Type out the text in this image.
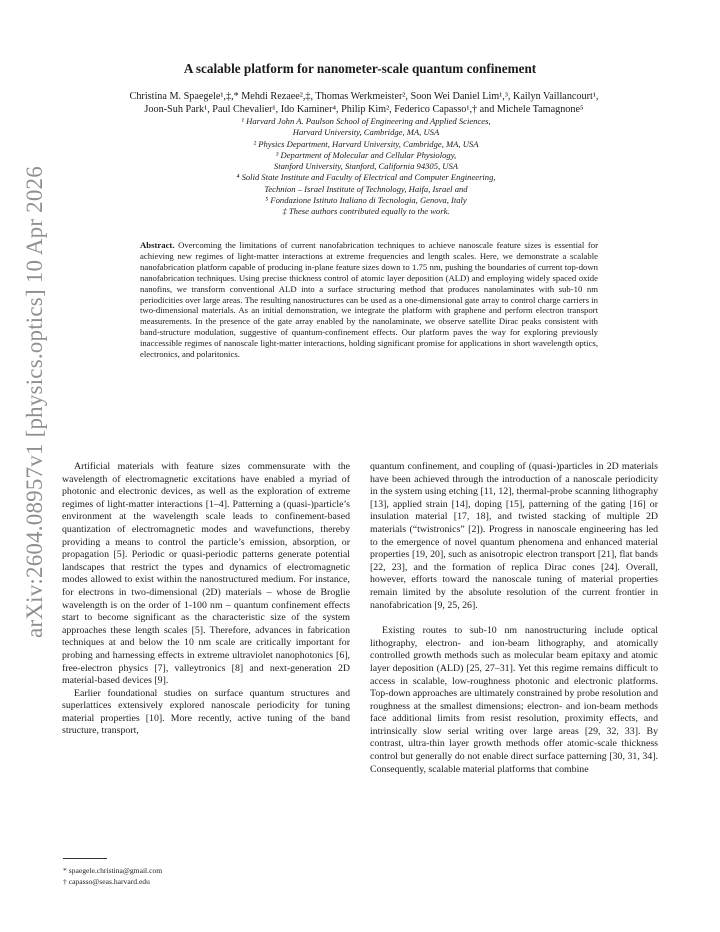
arXiv:2604.08957v1 [physics.optics] 10 Apr 2026
A scalable platform for nanometer-scale quantum confinement
Christina M. Spaegele¹,‡,* Mehdi Rezaee²,‡, Thomas Werkmeister², Soon Wei Daniel Lim¹,³, Kailyn Vaillancourt¹,
Joon-Suh Park¹, Paul Chevalier¹, Ido Kaminer⁴, Philip Kim², Federico Capasso¹,† and Michele Tamagnone⁵
¹ Harvard John A. Paulson School of Engineering and Applied Sciences,
Harvard University, Cambridge, MA, USA
² Physics Department, Harvard University, Cambridge, MA, USA
³ Department of Molecular and Cellular Physiology,
Stanford University, Stanford, California 94305, USA
⁴ Solid State Institute and Faculty of Electrical and Computer Engineering,
Technion – Israel Institute of Technology, Haifa, Israel and
⁵ Fondazione Istituto Italiano di Tecnologia, Genova, Italy
‡ These authors contributed equally to the work.
Abstract. Overcoming the limitations of current nanofabrication techniques to achieve nanoscale feature sizes is essential for achieving new regimes of light-matter interactions at extreme frequencies and length scales. Here, we demonstrate a scalable nanofabrication platform capable of producing in-plane feature sizes down to 1.75 nm, pushing the boundaries of current top-down nanofabrication techniques. Using precise thickness control of atomic layer deposition (ALD) and employing widely spaced oxide nanofins, we transform conventional ALD into a surface structuring method that produces nanolaminates with sub-10 nm periodicities over large areas. The resulting nanostructures can be used as a one-dimensional gate array to control charge carriers in two-dimensional materials. As an initial demonstration, we integrate the platform with graphene and perform electron transport measurements. In the presence of the gate array enabled by the nanolaminate, we observe satellite Dirac peaks consistent with band-structure modulation, suggestive of quantum-confinement effects. Our platform paves the way for exploring previously inaccessible regimes of nanoscale light-matter interactions, holding significant promise for applications in short wavelength optics, electronics, and polaritonics.

Artificial materials with feature sizes commensurate with the wavelength of electromagnetic excitations have enabled a myriad of photonic and electronic devices, as well as the exploration of extreme regimes of light-matter interactions [1–4]. Patterning a (quasi-)particle’s environment at the wavelength scale leads to confinement-based quantization of electromagnetic modes and wavefunctions, thereby providing a means to control the particle’s emission, absorption, or propagation [5]. Periodic or quasi-periodic patterns generate potential landscapes that restrict the types and dynamics of electromagnetic modes allowed to exist within the nanostructured medium. For instance, for electrons in two-dimensional (2D) materials – whose de Broglie wavelength is on the order of 1-100 nm – quantum confinement effects start to become significant as the characteristic size of the system approaches these length scales [5]. Therefore, advances in fabrication techniques at and below the 10 nm scale are critically important for probing and harnessing effects in extreme ultraviolet nanophotonics [6], free-electron physics [7], valleytronics [8] and next-generation 2D material-based devices [9].

Earlier foundational studies on surface quantum structures and superlattices extensively explored nanoscale periodicity for tuning material properties [10]. More recently, active tuning of the band structure, transport,

quantum confinement, and coupling of (quasi-)particles in 2D materials have been achieved through the introduction of a nanoscale periodicity in the system using etching [11, 12], thermal-probe scanning lithography [13], applied strain [14], doping [15], patterning of the gating [16] or insulation material [17, 18], and twisted stacking of multiple 2D materials (“twistronics” [2]). Progress in nanoscale engineering has led to the emergence of novel quantum phenomena and enhanced material properties [19, 20], such as anisotropic electron transport [21], flat bands [22, 23], and the formation of replica Dirac cones [24]. Overall, however, efforts toward the nanoscale tuning of material properties remain limited by the absolute resolution of the current frontier in nanofabrication [9, 25, 26].

Existing routes to sub-10 nm nanostructuring include optical lithography, electron- and ion-beam lithography, and atomically controlled growth methods such as molecular beam epitaxy and atomic layer deposition (ALD) [25, 27–31]. Yet this regime remains difficult to access in scalable, low-roughness photonic and electronic platforms. Top-down approaches are ultimately constrained by probe resolution and roughness at the smallest dimensions; electron- and ion-beam methods face additional limits from resist resolution, proximity effects, and intrinsically slow serial writing over large areas [29, 32, 33]. By contrast, ultra-thin layer growth methods offer atomic-scale thickness control but generally do not enable direct surface patterning [30, 31, 34]. Consequently, scalable material platforms that combine

* spaegele.christina@gmail.com
† capasso@seas.harvard.edu
